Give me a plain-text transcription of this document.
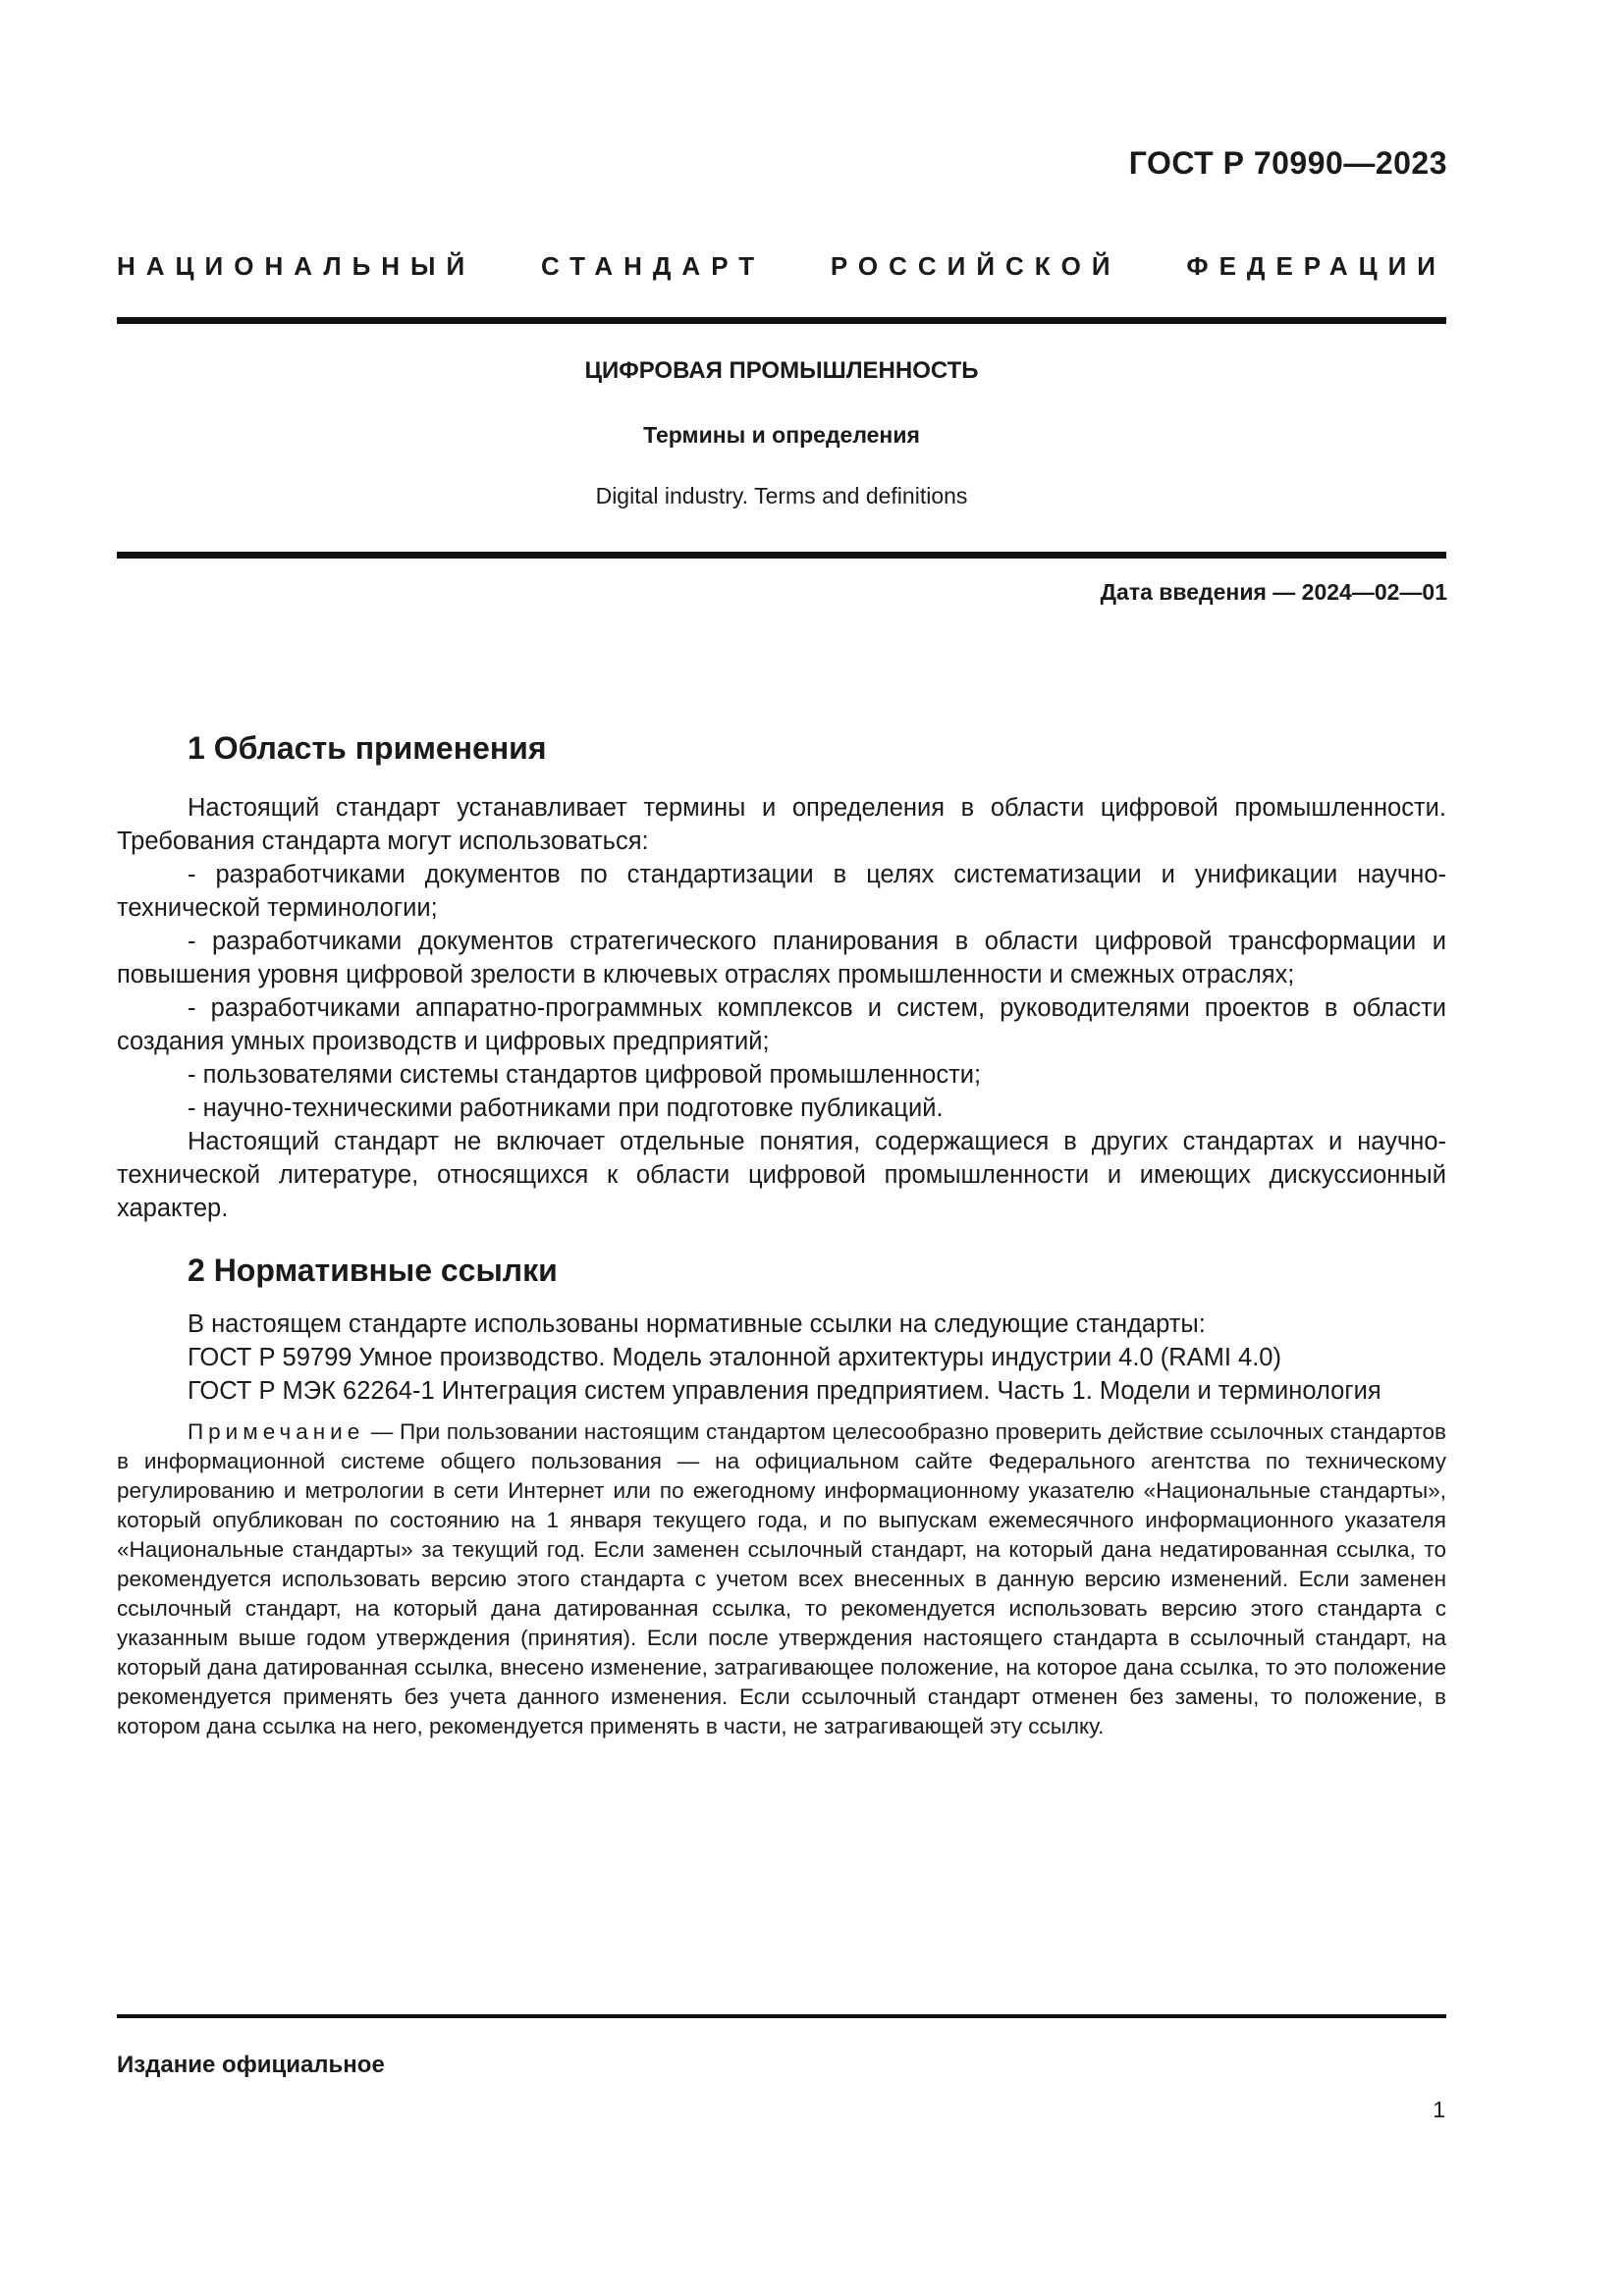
ГОСТ Р 70990—2023
НАЦИОНАЛЬНЫЙ СТАНДАРТ РОССИЙСКОЙ ФЕДЕРАЦИИ
ЦИФРОВАЯ ПРОМЫШЛЕННОСТЬ
Термины и определения
Digital industry. Terms and definitions
Дата введения — 2024—02—01
1 Область применения

Настоящий стандарт устанавливает термины и определения в области цифровой промышленности. Требования стандарта могут использоваться:

- разработчиками документов по стандартизации в целях систематизации и унификации научно-технической терминологии;

- разработчиками документов стратегического планирования в области цифровой трансформации и повышения уровня цифровой зрелости в ключевых отраслях промышленности и смежных отраслях;

- разработчиками аппаратно-программных комплексов и систем, руководителями проектов в области создания умных производств и цифровых предприятий;

- пользователями системы стандартов цифровой промышленности;

- научно-техническими работниками при подготовке публикаций.

Настоящий стандарт не включает отдельные понятия, содержащиеся в других стандартах и научно-технической литературе, относящихся к области цифровой промышленности и имеющих дискуссионный характер.

2 Нормативные ссылки

В настоящем стандарте использованы нормативные ссылки на следующие стандарты:

ГОСТ Р 59799 Умное производство. Модель эталонной архитектуры индустрии 4.0 (RAMI 4.0)

ГОСТ Р МЭК 62264-1 Интеграция систем управления предприятием. Часть 1. Модели и терминология

Примечание — При пользовании настоящим стандартом целесообразно проверить действие ссылочных стандартов в информационной системе общего пользования — на официальном сайте Федерального агентства по техническому регулированию и метрологии в сети Интернет или по ежегодному информационному указателю «Национальные стандарты», который опубликован по состоянию на 1 января текущего года, и по выпускам ежемесячного информационного указателя «Национальные стандарты» за текущий год. Если заменен ссылочный стандарт, на который дана недатированная ссылка, то рекомендуется использовать версию этого стандарта с учетом всех внесенных в данную версию изменений. Если заменен ссылочный стандарт, на который дана датированная ссылка, то рекомендуется использовать версию этого стандарта с указанным выше годом утверждения (принятия). Если после утверждения настоящего стандарта в ссылочный стандарт, на который дана датированная ссылка, внесено изменение, затрагивающее положение, на которое дана ссылка, то это положение рекомендуется применять без учета данного изменения. Если ссылочный стандарт отменен без замены, то положение, в котором дана ссылка на него, рекомендуется применять в части, не затрагивающей эту ссылку.
Издание официальное
1
